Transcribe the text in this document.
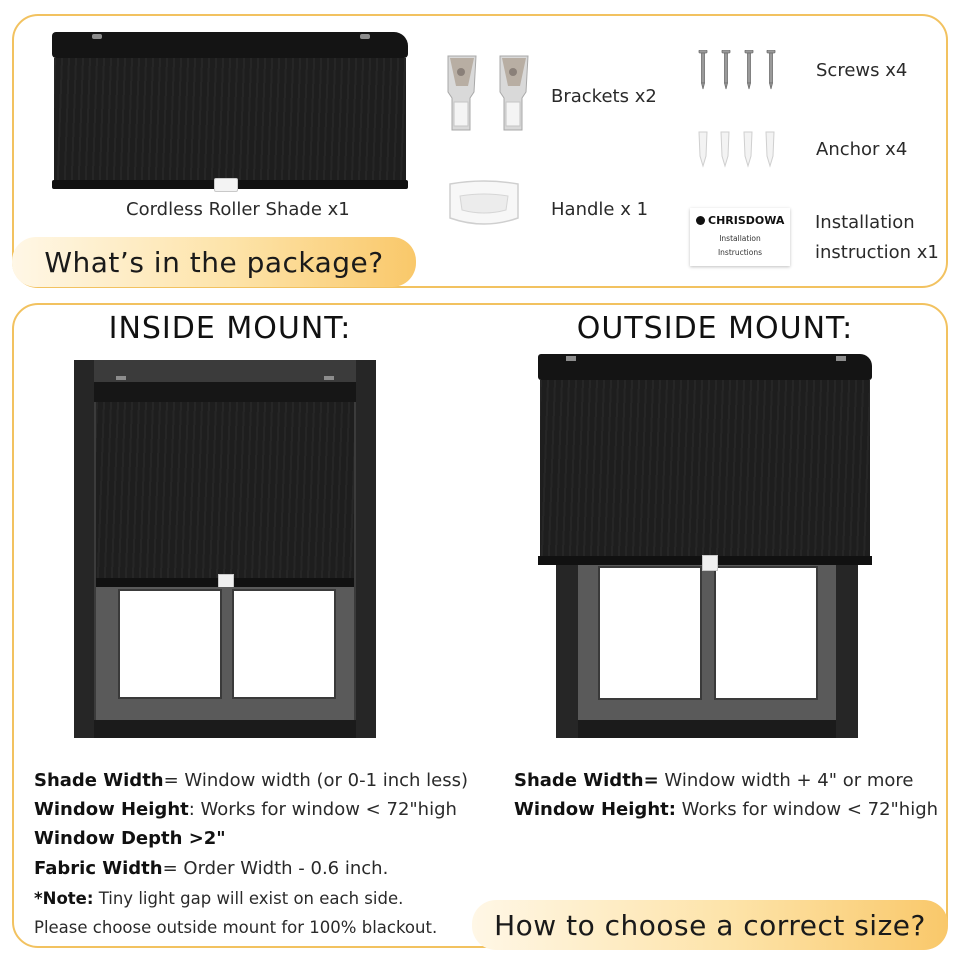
Cordless Roller Shade x1
Brackets x2
Handle x 1
Screws x4
Anchor x4
CHRISDOWA
Installation
Instructions
Installation
instruction x1
What’s in the package?
INSIDE MOUNT:	OUTSIDE MOUNT:
Shade Width= Window width (or 0-1 inch less)
Window Height: Works for window < 72"high
Window Depth >2"
Fabric Width= Order Width - 0.6 inch.
*Note: Tiny light gap will exist on each side.
Please choose outside mount for 100% blackout.
Shade Width= Window width + 4" or more
Window Height: Works for window < 72"high
How to choose a correct size?
